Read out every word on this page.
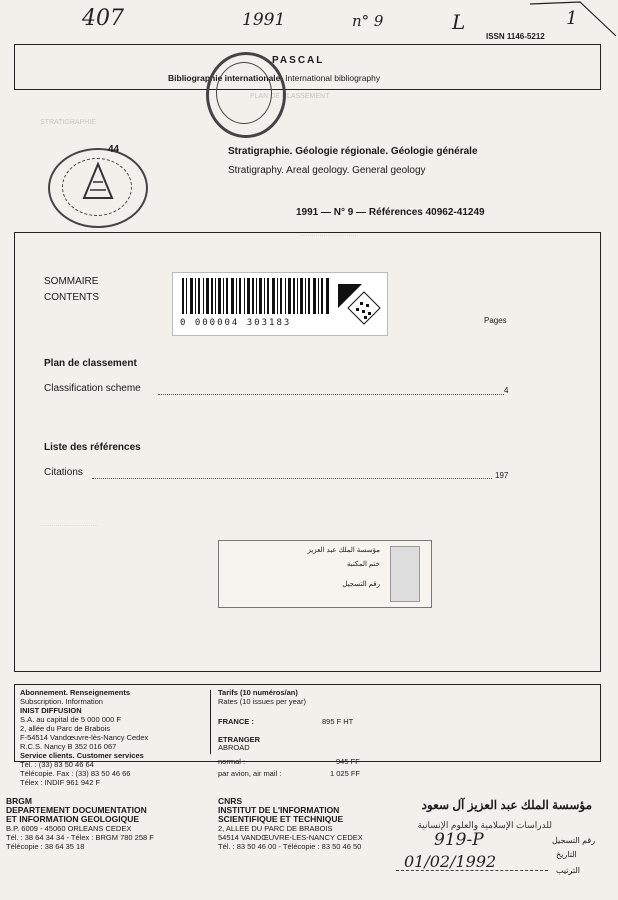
PLAN DE CLASSEMENT
STRATIGRAPHIE
..............................
..............................
407	1991	n° 9	L	1
ISSN 1146-5212
PASCAL
Bibliographie internationale. International bibliography
44	Stratigraphie. Géologie régionale. Géologie générale
Stratigraphy. Areal geology. General geology
1991 — N° 9 — Références 40962-41249
SOMMAIRE
CONTENTS
0 000004 303183	Pages
Plan de classement
Classification scheme	4
Liste des références
Citations	197
مؤسسة الملك عبد العزيز
ختم المكتبة
رقم التسجيل
Abonnement. Renseignements
Subscription. Information
INIST DIFFUSION
S.A. au capital de 5 000 000 F
2, allée du Parc de Brabois
F-54514 Vandœuvre-lès-Nancy Cedex
R.C.S. Nancy B 352 016 067
Service clients. Customer services
Tél. : (33) 83 50 46 64
Télécopie. Fax : (33) 83 50 46 66
Télex : INDIF 961 942 F
Tarifs (10 numéros/an)
Rates (10 issues per year)
FRANCE :	895 F HT
ETRANGER
ABROAD
normal :	945 FF
par avion, air mail :	1 025 FF
BRGM
DEPARTEMENT DOCUMENTATION
ET INFORMATION GEOLOGIQUE
B.P. 6009 - 45060 ORLEANS CEDEX
Tél. : 38 64 34 34 - Télex : BRGM 780 258 F
Télécopie : 38 64 35 18
CNRS
INSTITUT DE L'INFORMATION
SCIENTIFIQUE ET TECHNIQUE
2, ALLEE DU PARC DE BRABOIS
54514 VANDŒUVRE-LES-NANCY CEDEX
Tél. : 83 50 46 00 - Télécopie : 83 50 46 50
مؤسسة الملك عبد العزيز آل سعود
للدراسات الإسلامية والعلوم الإنسانية
919-P	رقم التسجيل
التاريخ
01/02/1992	الترتيب
